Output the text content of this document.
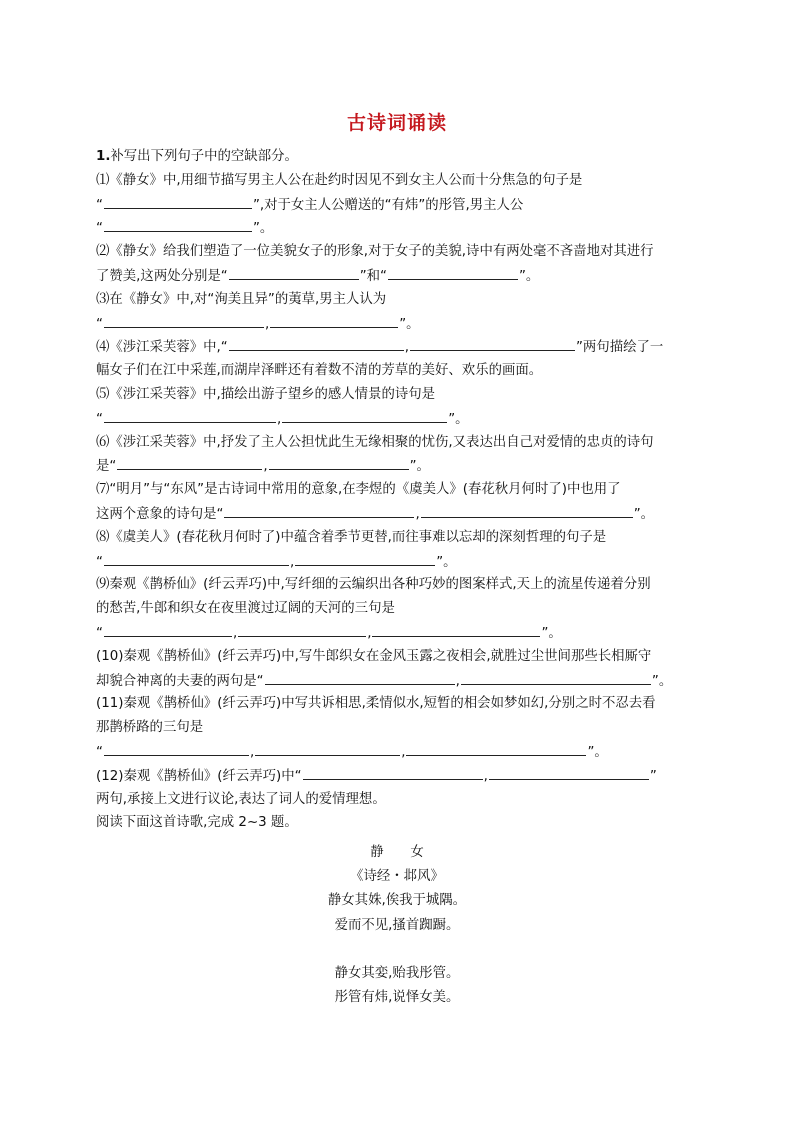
古诗词诵读
1.补写出下列句子中的空缺部分。
⑴《静女》中,用细节描写男主人公在赴约时因见不到女主人公而十分焦急的句子是
“	”,对于女主人公赠送的“有炜”的彤管,男主人公
“	”。
⑵《静女》给我们塑造了一位美貌女子的形象,对于女子的美貌,诗中有两处毫不吝啬地对其进行
了赞美,这两处分别是“	”和“	”。
⑶在《静女》中,对“洵美且异”的荑草,男主人认为
“	,	”。
⑷《涉江采芙蓉》中,“	,	”两句描绘了一
幅女子们在江中采莲,而湖岸泽畔还有着数不清的芳草的美好、欢乐的画面。
⑸《涉江采芙蓉》中,描绘出游子望乡的感人情景的诗句是
“	,	”。
⑹《涉江采芙蓉》中,抒发了主人公担忧此生无缘相聚的忧伤,又表达出自己对爱情的忠贞的诗句
是“	,	”。
⑺“明月”与“东风”是古诗词中常用的意象,在李煜的《虞美人》(春花秋月何时了)中也用了
这两个意象的诗句是“	,	”。
⑻《虞美人》(春花秋月何时了)中蕴含着季节更替,而往事难以忘却的深刻哲理的句子是
“	,	”。
⑼秦观《鹊桥仙》(纤云弄巧)中,写纤细的云编织出各种巧妙的图案样式,天上的流星传递着分别
的愁苦,牛郎和织女在夜里渡过辽阔的天河的三句是
“	,	,	”。
(10)秦观《鹊桥仙》(纤云弄巧)中,写牛郎织女在金风玉露之夜相会,就胜过尘世间那些长相厮守
却貌合神离的夫妻的两句是“	,	”。
(11)秦观《鹊桥仙》(纤云弄巧)中写共诉相思,柔情似水,短暂的相会如梦如幻,分别之时不忍去看
那鹊桥路的三句是
“	,	,	”。
(12)秦观《鹊桥仙》(纤云弄巧)中“	,	”
两句,承接上文进行议论,表达了词人的爱情理想。
阅读下面这首诗歌,完成 2~3 题。
静　　女
《诗经・邶风》
静女其姝,俟我于城隅。
爱而不见,搔首踟蹰。
静女其娈,贻我彤管。
彤管有炜,说怿女美。
